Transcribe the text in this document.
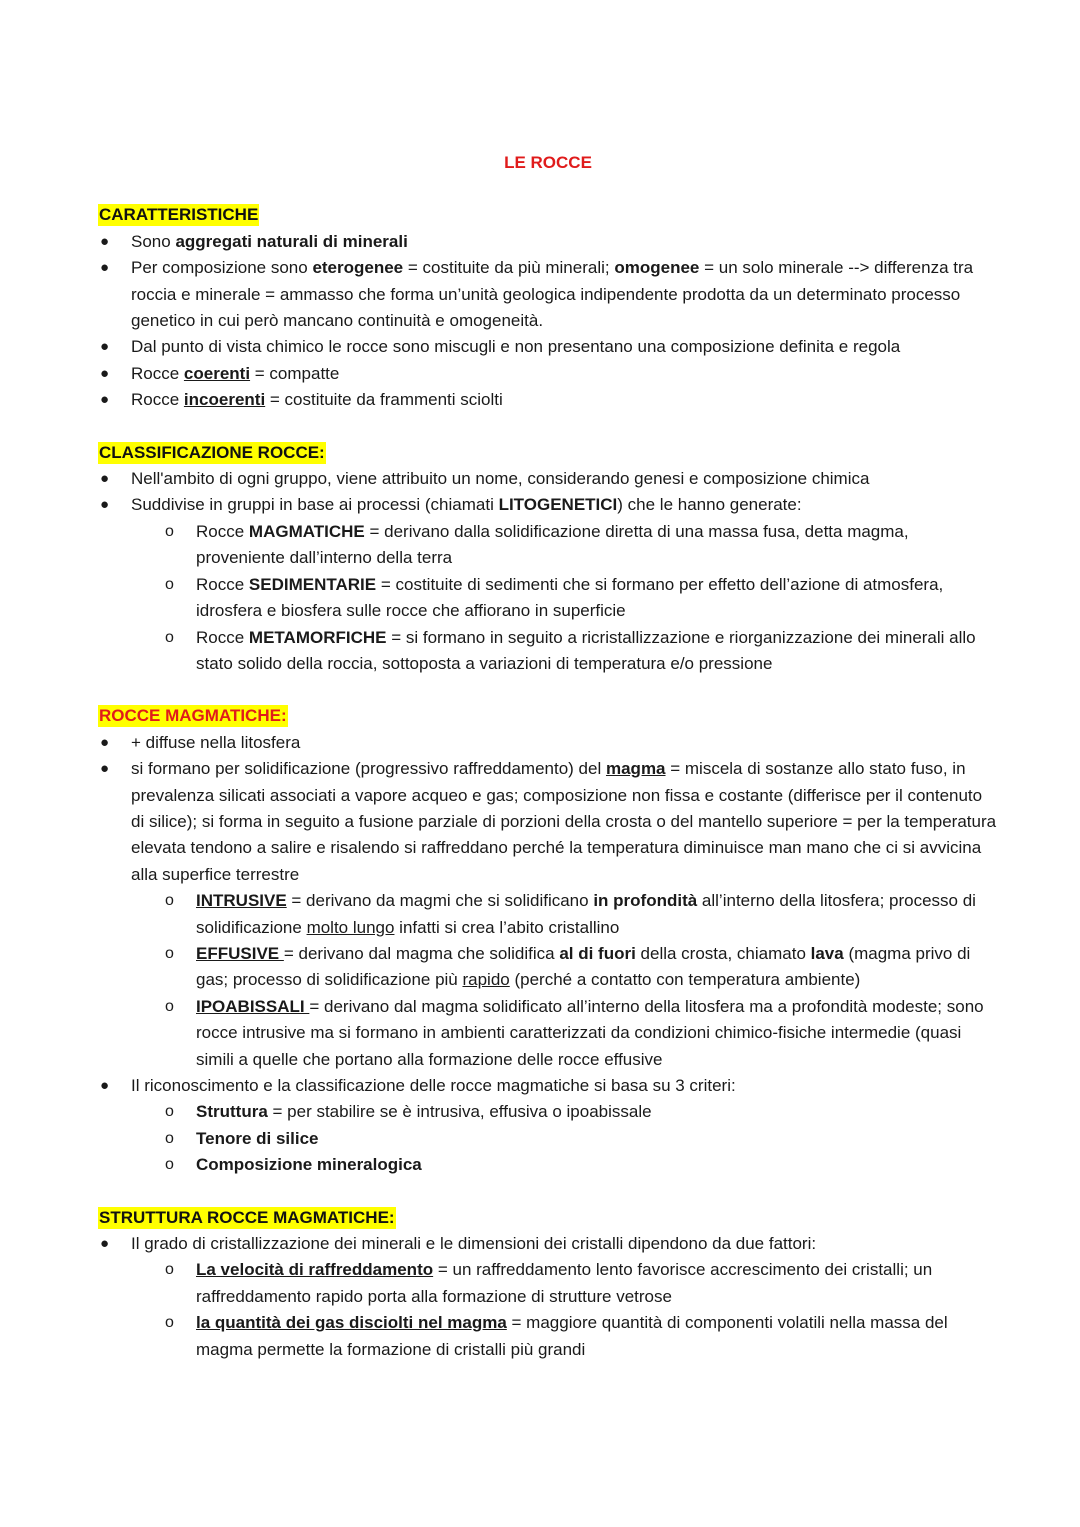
LE ROCCE
CARATTERISTICHE
● Sono aggregati naturali di minerali
● Per composizione sono eterogenee = costituite da più minerali; omogenee = un solo minerale --> differenza tra roccia e minerale = ammasso che forma un’unità geologica indipendente prodotta da un determinato processo genetico in cui però mancano continuità e omogeneità.
● Dal punto di vista chimico le rocce sono miscugli e non presentano una composizione definita e regola
● Rocce coerenti = compatte
● Rocce incoerenti = costituite da frammenti sciolti
CLASSIFICAZIONE ROCCE:
● Nell'ambito di ogni gruppo, viene attribuito un nome, considerando genesi e composizione chimica
● Suddivise in gruppi in base ai processi (chiamati LITOGENETICI) che le hanno generate:
o Rocce MAGMATICHE = derivano dalla solidificazione diretta di una massa fusa, detta magma, proveniente dall’interno della terra
o Rocce SEDIMENTARIE = costituite di sedimenti che si formano per effetto dell’azione di atmosfera, idrosfera e biosfera sulle rocce che affiorano in superficie
o Rocce METAMORFICHE = si formano in seguito a ricristallizzazione e riorganizzazione dei minerali allo stato solido della roccia, sottoposta a variazioni di temperatura e/o pressione
ROCCE MAGMATICHE:
● + diffuse nella litosfera
● si formano per solidificazione (progressivo raffreddamento) del magma = miscela di sostanze allo stato fuso, in prevalenza silicati associati a vapore acqueo e gas; composizione non fissa e costante (differisce per il contenuto di silice); si forma in seguito a fusione parziale di porzioni della crosta o del mantello superiore = per la temperatura elevata tendono a salire e risalendo si raffreddano perché la temperatura diminuisce man mano che ci si avvicina alla superfice terrestre
o INTRUSIVE = derivano da magmi che si solidificano in profondità all’interno della litosfera; processo di solidificazione molto lungo infatti si crea l’abito cristallino
o EFFUSIVE = derivano dal magma che solidifica al di fuori della crosta, chiamato lava (magma privo di gas; processo di solidificazione più rapido (perché a contatto con temperatura ambiente)
o IPOABISSALI = derivano dal magma solidificato all’interno della litosfera ma a profondità modeste; sono rocce intrusive ma si formano in ambienti caratterizzati da condizioni chimico-fisiche intermedie (quasi simili a quelle che portano alla formazione delle rocce effusive
● Il riconoscimento e la classificazione delle rocce magmatiche si basa su 3 criteri:
o Struttura = per stabilire se è intrusiva, effusiva o ipoabissale
o Tenore di silice
o Composizione mineralogica
STRUTTURA ROCCE MAGMATICHE:
● Il grado di cristallizzazione dei minerali e le dimensioni dei cristalli dipendono da due fattori:
o La velocità di raffreddamento = un raffreddamento lento favorisce accrescimento dei cristalli; un raffreddamento rapido porta alla formazione di strutture vetrose
o la quantità dei gas disciolti nel magma = maggiore quantità di componenti volatili nella massa del magma permette la formazione di cristalli più grandi
